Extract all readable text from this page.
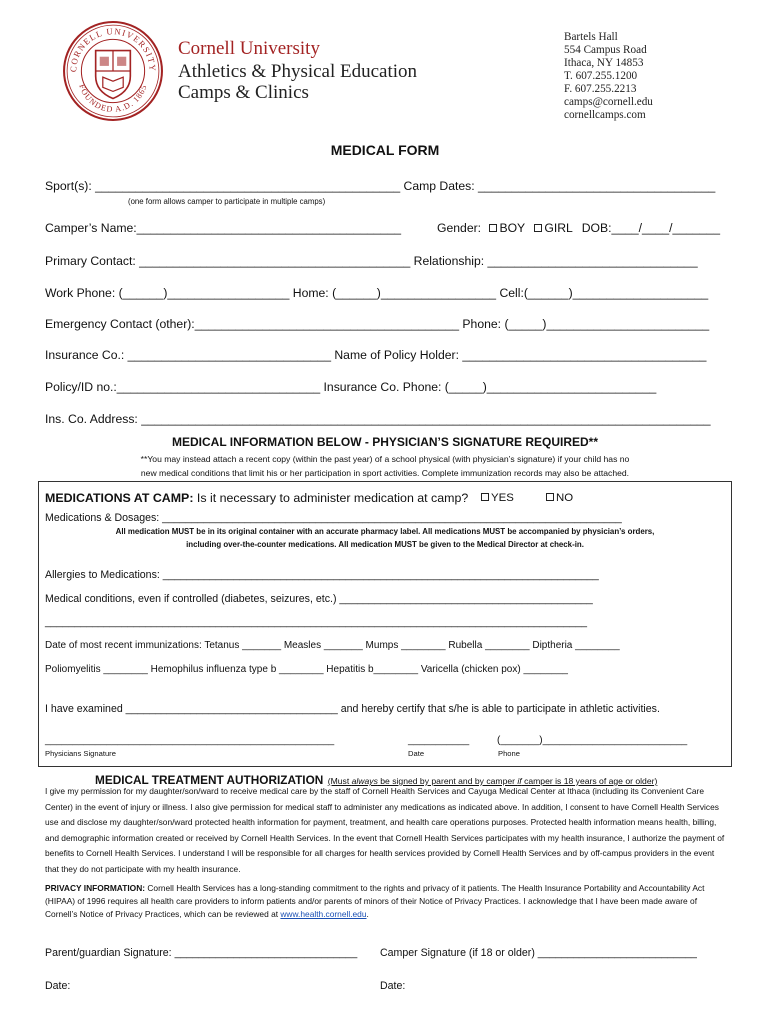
CORNELL UNIVERSITY
FOUNDED A.D. 1865
Cornell University
Athletics & Physical Education
Camps & Clinics
Bartels Hall
554 Campus Road
Ithaca, NY 14853
T. 607.255.1200
F. 607.255.2213
camps@cornell.edu
cornellcamps.com
MEDICAL FORM
Sport(s): _____________________________________________ Camp Dates: ___________________________________
(one form allows camper to participate in multiple camps)
Camper’s Name:_______________________________________	Gender: BOY GIRL DOB:____/____/_______
Primary Contact: ________________________________________ Relationship: _______________________________
Work Phone: (______)__________________ Home: (______)_________________ Cell:(______)____________________
Emergency Contact (other):_______________________________________ Phone: (_____)________________________
Insurance Co.: ______________________________ Name of Policy Holder: ____________________________________
Policy/ID no.:______________________________ Insurance Co. Phone: (_____)_________________________
Ins. Co. Address: ____________________________________________________________________________________
MEDICAL INFORMATION BELOW - PHYSICIAN’S SIGNATURE REQUIRED**
**You may instead attach a recent copy (within the past year) of a school physical (with physician’s signature) if your child has no
new medical conditions that limit his or her participation in sport activities. Complete immunization records may also be attached.
MEDICATIONS AT CAMP: Is it necessary to administer medication at camp?	YES	NO
Medications & Dosages: ______________________________________________________________________________
All medication MUST be in its original container with an accurate pharmacy label. All medications MUST be accompanied by physician’s orders,
including over-the-counter medications. All medication MUST be given to the Medical Director at check-in.
Allergies to Medications: __________________________________________________________________________
Medical conditions, even if controlled (diabetes, seizures, etc.) ___________________________________________
____________________________________________________________________________________________
Date of most recent immunizations: Tetanus _______ Measles _______ Mumps ________ Rubella ________ Diptheria ________
Poliomyelitis ________ Hemophilus influenza type b ________ Hepatitis b________ Varicella (chicken pox) ________
I have examined ____________________________________ and hereby certify that s/he is able to participate in athletic activities.
____________________________________________________	___________	(_______)__________________________
Physicians Signature	Date	Phone
MEDICAL TREATMENT AUTHORIZATION (Must always be signed by parent and by camper if camper is 18 years of age or older)
I give my permission for my daughter/son/ward to receive medical care by the staff of Cornell Health Services and Cayuga Medical Center at Ithaca (including its Convenient Care Center) in the event of injury or illness. I also give permission for medical staff to administer any medications as indicated above. In addition, I consent to have Cornell Health Services use and disclose my daughter/son/ward protected health information for payment, treatment, and health care operations purposes. Protected health information means health, billing, and demographic information created or received by Cornell Health Services. In the event that Cornell Health Services participates with my health insurance, I authorize the payment of benefits to Cornell Health Services. I understand I will be responsible for all charges for health services provided by Cornell Health Services and by off-campus providers in the event that they do not participate with my health insurance.
PRIVACY INFORMATION: Cornell Health Services has a long-standing commitment to the rights and privacy of it patients. The Health Insurance Portability and Accountability Act (HIPAA) of 1996 requires all health care providers to inform patients and/or parents of minors of their Notice of Privacy Practices. I acknowledge that I have been made aware of Cornell’s Notice of Privacy Practices, which can be reviewed at www.health.cornell.edu.
Parent/guardian Signature: _______________________________ Camper Signature (if 18 or older) ___________________________
Date:	Date:
